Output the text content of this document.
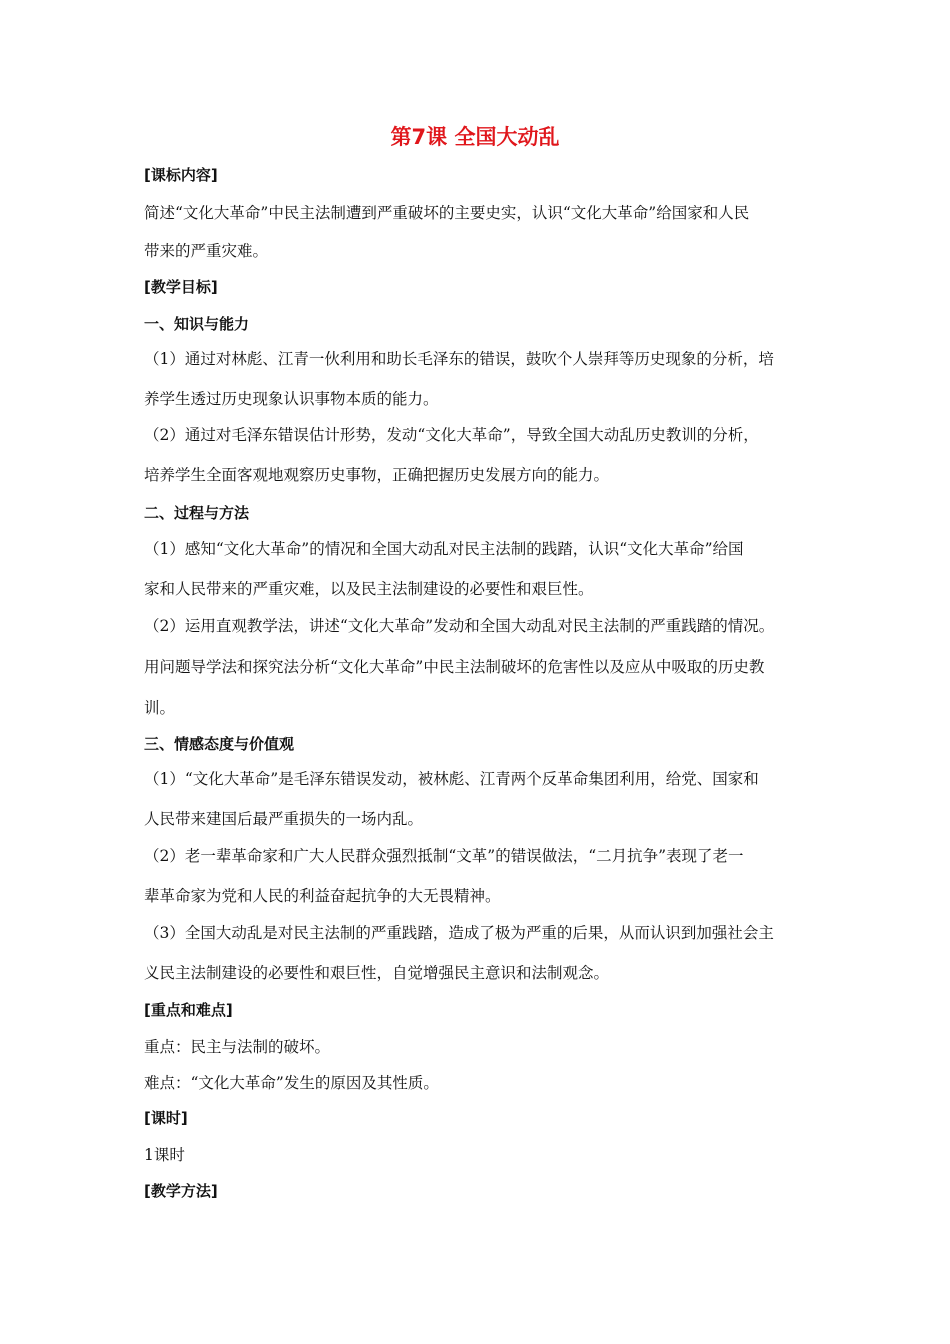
第7课 全国大动乱
[课标内容]
简述“文化大革命”中民主法制遭到严重破坏的主要史实，认识“文化大革命”给国家和人民
带来的严重灾难。
[教学目标]
一、知识与能力
（1）通过对林彪、江青一伙利用和助长毛泽东的错误，鼓吹个人崇拜等历史现象的分析，培
养学生透过历史现象认识事物本质的能力。
（2）通过对毛泽东错误估计形势，发动“文化大革命”，导致全国大动乱历史教训的分析，
培养学生全面客观地观察历史事物，正确把握历史发展方向的能力。
二、过程与方法
（1）感知“文化大革命”的情况和全国大动乱对民主法制的践踏，认识“文化大革命”给国
家和人民带来的严重灾难，以及民主法制建设的必要性和艰巨性。
（2）运用直观教学法，讲述“文化大革命”发动和全国大动乱对民主法制的严重践踏的情况。
用问题导学法和探究法分析“文化大革命”中民主法制破坏的危害性以及应从中吸取的历史教
训。
三、情感态度与价值观
（1）“文化大革命”是毛泽东错误发动，被林彪、江青两个反革命集团利用，给党、国家和
人民带来建国后最严重损失的一场内乱。
（2）老一辈革命家和广大人民群众强烈抵制“文革”的错误做法，“二月抗争”表现了老一
辈革命家为党和人民的利益奋起抗争的大无畏精神。
（3）全国大动乱是对民主法制的严重践踏，造成了极为严重的后果，从而认识到加强社会主
义民主法制建设的必要性和艰巨性，自觉增强民主意识和法制观念。
[重点和难点]
重点：民主与法制的破坏。
难点：“文化大革命”发生的原因及其性质。
[课时]
1课时
[教学方法]
